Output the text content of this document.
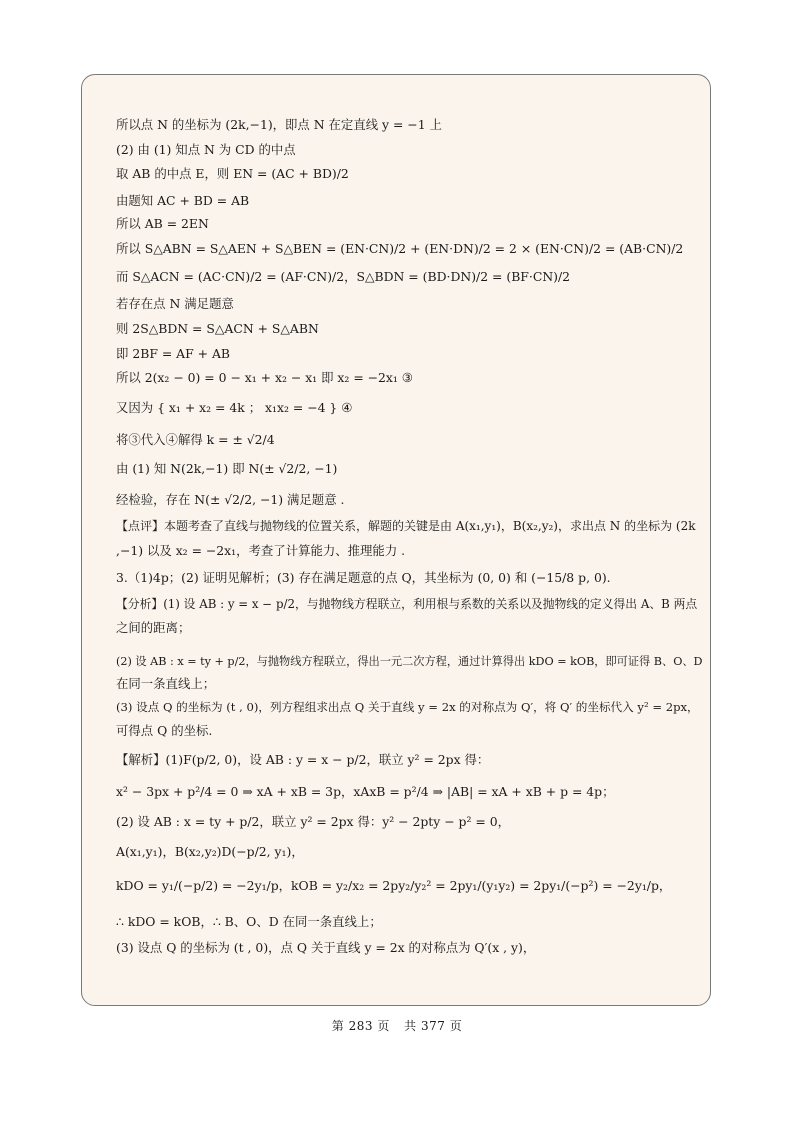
所以点 N 的坐标为 (2k,−1)，即点 N 在定直线 y = −1 上
(2) 由 (1) 知点 N 为 CD 的中点
取 AB 的中点 E，则 EN = (AC + BD)/2
由题知 AC + BD = AB
所以 AB = 2EN
所以 S△ABN = S△AEN + S△BEN = (EN·CN)/2 + (EN·DN)/2 = 2 × (EN·CN)/2 = (AB·CN)/2
而 S△ACN = (AC·CN)/2 = (AF·CN)/2，S△BDN = (BD·DN)/2 = (BF·CN)/2
若存在点 N 满足题意
则 2S△BDN = S△ACN + S△ABN
即 2BF = AF + AB
所以 2(x₂ − 0) = 0 − x₁ + x₂ − x₁ 即 x₂ = −2x₁ ③
又因为 { x₁ + x₂ = 4k ； x₁x₂ = −4 } ④
将③代入④解得 k = ± √2/4
由 (1) 知 N(2k,−1) 即 N(± √2/2, −1)
经检验，存在 N(± √2/2, −1) 满足题意 .
【点评】本题考查了直线与抛物线的位置关系，解题的关键是由 A(x₁,y₁)，B(x₂,y₂)，求出点 N 的坐标为 (2k
,−1) 以及 x₂ = −2x₁，考查了计算能力、推理能力 .
3.（1)4p；(2) 证明见解析；(3) 存在满足题意的点 Q，其坐标为 (0, 0) 和 (−15/8 p, 0).
【分析】(1) 设 AB : y = x − p/2，与抛物线方程联立，利用根与系数的关系以及抛物线的定义得出 A、B 两点
之间的距离；
(2) 设 AB : x = ty + p/2，与抛物线方程联立，得出一元二次方程，通过计算得出 kDO = kOB，即可证得 B、O、D
在同一条直线上；
(3) 设点 Q 的坐标为 (t , 0)，列方程组求出点 Q 关于直线 y = 2x 的对称点为 Q′，将 Q′ 的坐标代入 y² = 2px，
可得点 Q 的坐标.
【解析】(1)F(p/2, 0)，设 AB : y = x − p/2，联立 y² = 2px 得：
x² − 3px + p²/4 = 0 ⇒ xA + xB = 3p，xAxB = p²/4 ⇒ |AB| = xA + xB + p = 4p；
(2) 设 AB : x = ty + p/2，联立 y² = 2px 得：y² − 2pty − p² = 0，
A(x₁,y₁)，B(x₂,y₂)D(−p/2, y₁)，
kDO = y₁/(−p/2) = −2y₁/p，kOB = y₂/x₂ = 2py₂/y₂² = 2py₁/(y₁y₂) = 2py₁/(−p²) = −2y₁/p，
∴ kDO = kOB，∴ B、O、D 在同一条直线上；
(3) 设点 Q 的坐标为 (t , 0)，点 Q 关于直线 y = 2x 的对称点为 Q′(x , y)，
第 283 页 共 377 页
